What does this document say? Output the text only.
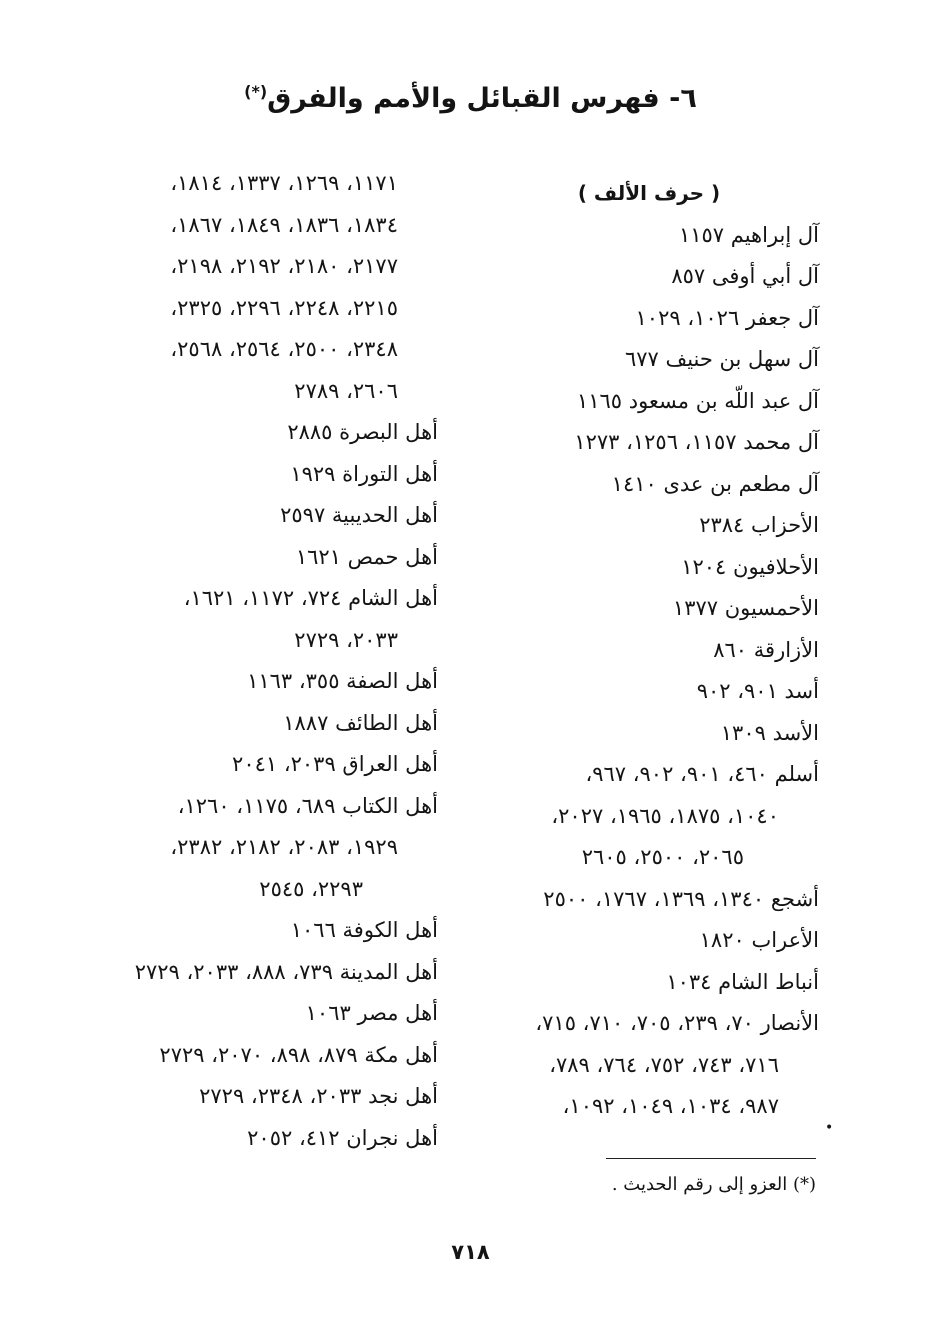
٦- فهرس القبائل والأمم والفرق(*)
( حرف الألف )
آل إبراهيم ١١٥٧
آل أبي أوفى ٨٥٧
آل جعفر ١٠٢٦، ١٠٢٩
آل سهل بن حنيف ٦٧٧
آل عبد اللّه بن مسعود ١١٦٥
آل محمد ١١٥٧، ١٢٥٦، ١٢٧٣
آل مطعم بن عدى ١٤١٠
الأحزاب ٢٣٨٤
الأحلافيون ١٢٠٤
الأحمسيون ١٣٧٧
الأزارقة ٨٦٠
أسد ٩٠١، ٩٠٢
الأسد ١٣٠٩
أسلم ٤٦٠، ٩٠١، ٩٠٢، ٩٦٧،
١٠٤٠، ١٨٧٥، ١٩٦٥، ٢٠٢٧،
٢٠٦٥، ٢٥٠٠، ٢٦٠٥
أشجع ١٣٤٠، ١٣٦٩، ١٧٦٧، ٢٥٠٠
الأعراب ١٨٢٠
أنباط الشام ١٠٣٤
الأنصار ٧٠، ٢٣٩، ٧٠٥، ٧١٠، ٧١٥،
٧١٦، ٧٤٣، ٧٥٢، ٧٦٤، ٧٨٩،
٩٨٧، ١٠٣٤، ١٠٤٩، ١٠٩٢،
١١٧١، ١٢٦٩، ١٣٣٧، ١٨١٤،
١٨٣٤، ١٨٣٦، ١٨٤٩، ١٨٦٧،
٢١٧٧، ٢١٨٠، ٢١٩٢، ٢١٩٨،
٢٢١٥، ٢٢٤٨، ٢٢٩٦، ٢٣٢٥،
٢٣٤٨، ٢٥٠٠، ٢٥٦٤، ٢٥٦٨،
٢٦٠٦، ٢٧٨٩
أهل البصرة ٢٨٨٥
أهل التوراة ١٩٢٩
أهل الحديبية ٢٥٩٧
أهل حمص ١٦٢١
أهل الشام ٧٢٤، ١١٧٢، ١٦٢١،
٢٠٣٣، ٢٧٢٩
أهل الصفة ٣٥٥، ١١٦٣
أهل الطائف ١٨٨٧
أهل العراق ٢٠٣٩، ٢٠٤١
أهل الكتاب ٦٨٩، ١١٧٥، ١٢٦٠،
١٩٢٩، ٢٠٨٣، ٢١٨٢، ٢٣٨٢،
٢٢٩٣، ٢٥٤٥
أهل الكوفة ١٠٦٦
أهل المدينة ٧٣٩، ٨٨٨، ٢٠٣٣، ٢٧٢٩
أهل مصر ١٠٦٣
أهل مكة ٨٧٩، ٨٩٨، ٢٠٧٠، ٢٧٢٩
أهل نجد ٢٠٣٣، ٢٣٤٨، ٢٧٢٩
أهل نجران ٤١٢، ٢٠٥٢	•
(*) العزو إلى رقم الحديث .
٧١٨
